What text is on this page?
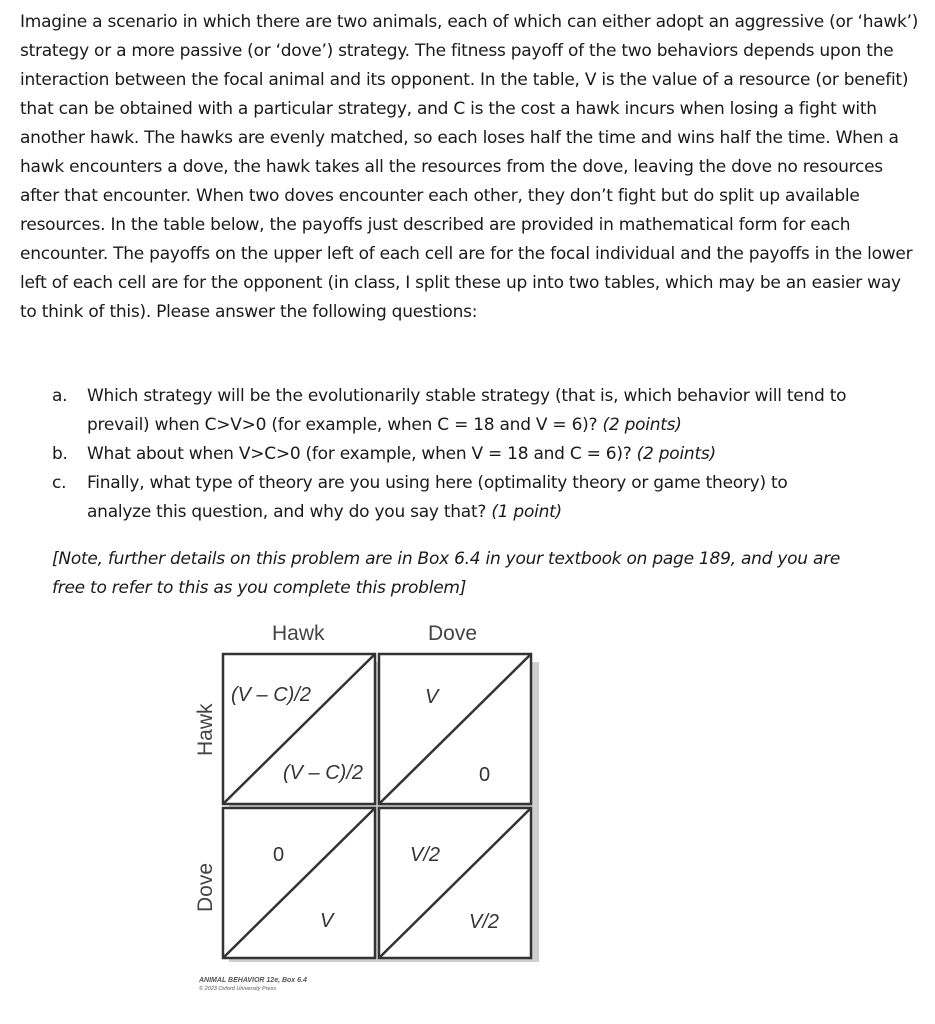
Imagine a scenario in which there are two animals, each of which can either adopt an aggressive (or ‘hawk’) strategy or a more passive (or ‘dove’) strategy. The fitness payoff of the two behaviors depends upon the interaction between the focal animal and its opponent. In the table, V is the value of a resource (or benefit) that can be obtained with a particular strategy, and C is the cost a hawk incurs when losing a fight with another hawk. The hawks are evenly matched, so each loses half the time and wins half the time. When a hawk encounters a dove, the hawk takes all the resources from the dove, leaving the dove no resources after that encounter. When two doves encounter each other, they don’t fight but do split up available resources. In the table below, the payoffs just described are provided in mathematical form for each encounter. The payoffs on the upper left of each cell are for the focal individual and the payoffs in the lower left of each cell are for the opponent (in class, I split these up into two tables, which may be an easier way to think of this). Please answer the following questions:

a. Which strategy will be the evolutionarily stable strategy (that is, which behavior will tend to prevail) when C>V>0 (for example, when C = 18 and V = 6)? (2 points)
b. What about when V>C>0 (for example, when V = 18 and C = 6)? (2 points)
c. Finally, what type of theory are you using here (optimality theory or game theory) to analyze this question, and why do you say that? (1 point)
[Note, further details on this problem are in Box 6.4 in your textbook on page 189, and you are free to refer to this as you complete this problem]
Hawk	Dove
Hawk
Dove
(V – C)/2
(V – C)/2
V
0
0
V
V/2
V/2
ANIMAL BEHAVIOR 12e, Box 6.4
© 2023 Oxford University Press
